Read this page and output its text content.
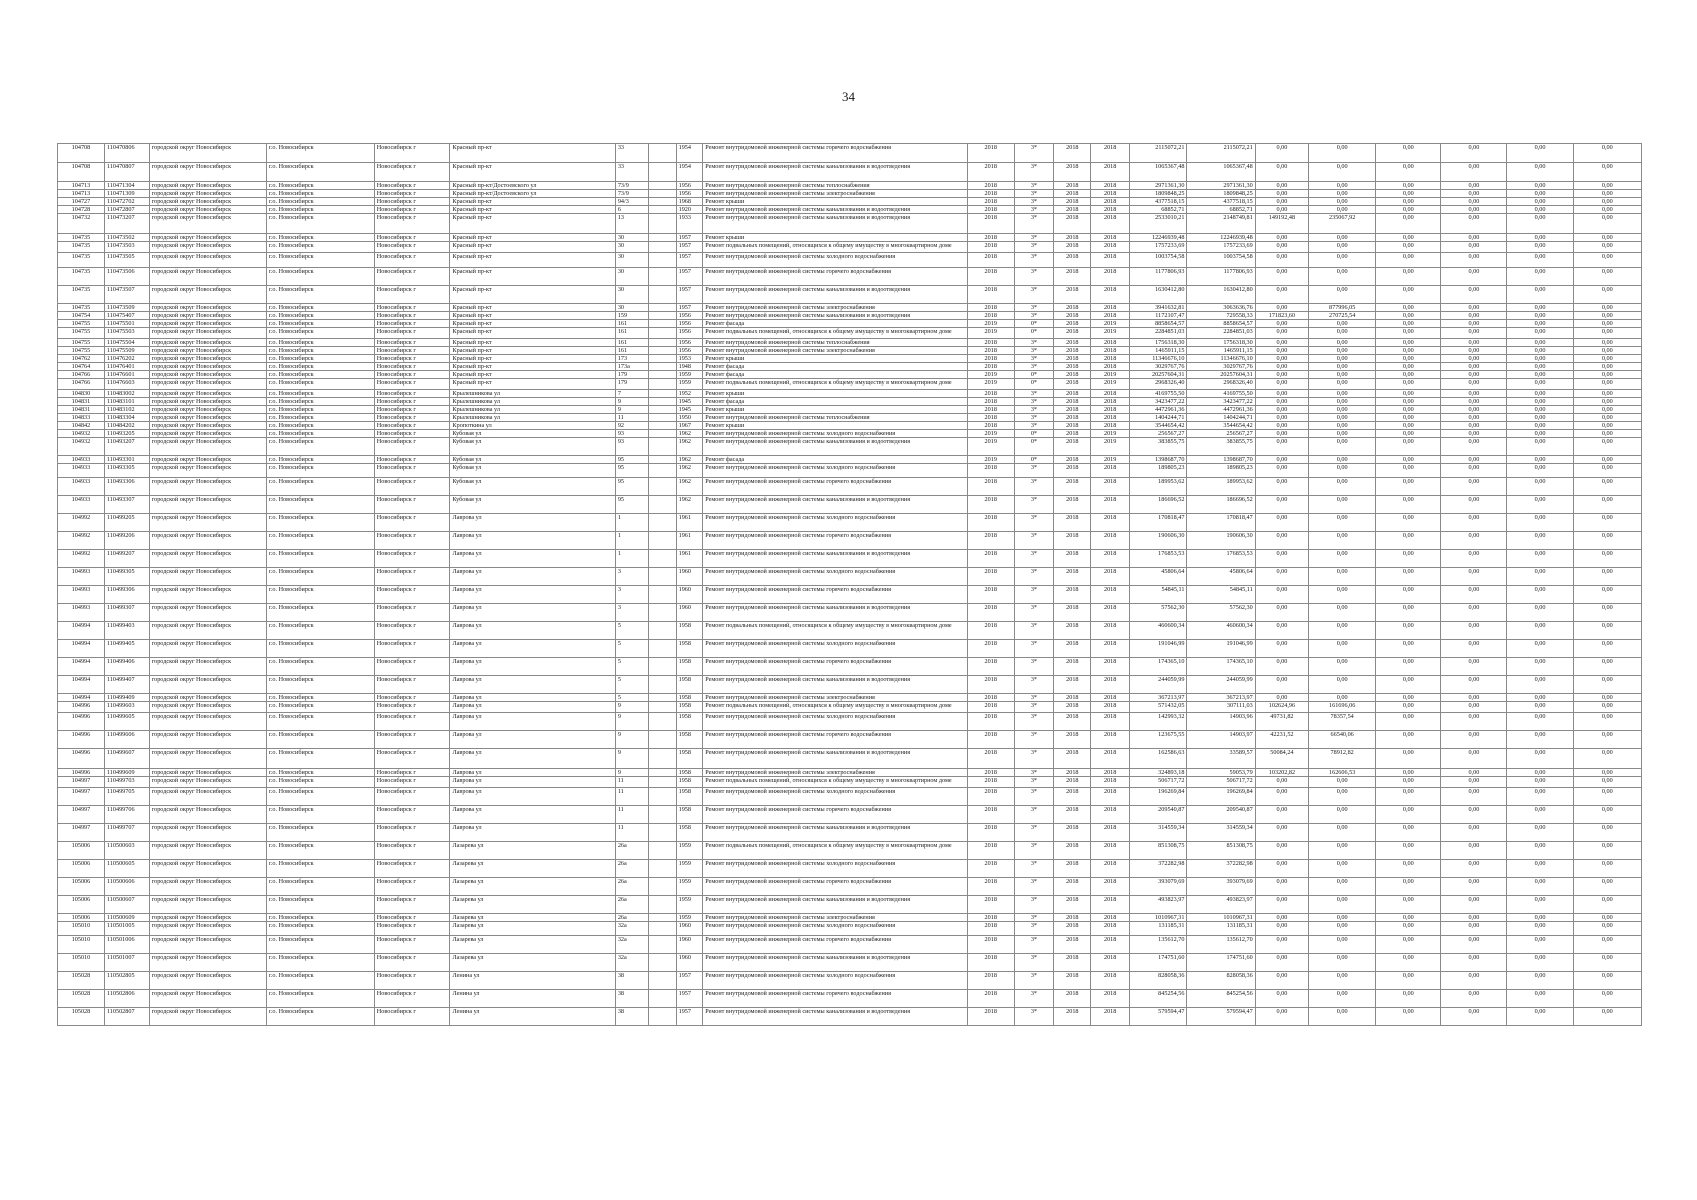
34
104708	110470806	городской округ Новосибирск	г.о. Новосибирск	Новосибирск г	Красный пр-кт	33		1954	Ремонт внутридомовой инженерной системы горячего водоснабжения	2018	3*	2018	2018	2115072,21	2115072,21	0,00	0,00	0,00	0,00	0,00	0,00
104708	110470807	городской округ Новосибирск	г.о. Новосибирск	Новосибирск г	Красный пр-кт	33		1954	Ремонт внутридомовой инженерной системы канализования и водоотведения	2018	3*	2018	2018	1065367,48	1065367,48	0,00	0,00	0,00	0,00	0,00	0,00
104713	110471304	городской округ Новосибирск	г.о. Новосибирск	Новосибирск г	Красный пр-кт/Достоевского ул	73/9		1956	Ремонт внутридомовой инженерной системы теплоснабжения	2018	3*	2018	2018	2971361,30	2971361,30	0,00	0,00	0,00	0,00	0,00	0,00
104713	110471309	городской округ Новосибирск	г.о. Новосибирск	Новосибирск г	Красный пр-кт/Достоевского ул	73/9		1956	Ремонт внутридомовой инженерной системы электроснабжения	2018	3*	2018	2018	1809848,25	1809848,25	0,00	0,00	0,00	0,00	0,00	0,00
104727	110472702	городской округ Новосибирск	г.о. Новосибирск	Новосибирск г	Красный пр-кт	94/3		1968	Ремонт крыши	2018	3*	2018	2018	4377518,15	4377518,15	0,00	0,00	0,00	0,00	0,00	0,00
104728	110472807	городской округ Новосибирск	г.о. Новосибирск	Новосибирск г	Красный пр-кт	6		1920	Ремонт внутридомовой инженерной системы канализования и водоотведения	2018	3*	2018	2018	68852,71	68852,71	0,00	0,00	0,00	0,00	0,00	0,00
104732	110473207	городской округ Новосибирск	г.о. Новосибирск	Новосибирск г	Красный пр-кт	13		1933	Ремонт внутридомовой инженерной системы канализования и водоотведения	2018	3*	2018	2018	2533010,21	2148749,81	149192,48	235067,92	0,00	0,00	0,00	0,00
104735	110473502	городской округ Новосибирск	г.о. Новосибирск	Новосибирск г	Красный пр-кт	30		1957	Ремонт крыши	2018	3*	2018	2018	12246939,48	12246939,48	0,00	0,00	0,00	0,00	0,00	0,00
104735	110473503	городской округ Новосибирск	г.о. Новосибирск	Новосибирск г	Красный пр-кт	30		1957	Ремонт подвальных помещений, относящихся к общему имуществу в многоквартирном доме	2018	3*	2018	2018	1757233,69	1757233,69	0,00	0,00	0,00	0,00	0,00	0,00
104735	110473505	городской округ Новосибирск	г.о. Новосибирск	Новосибирск г	Красный пр-кт	30		1957	Ремонт внутридомовой инженерной системы холодного водоснабжения	2018	3*	2018	2018	1003754,58	1003754,58	0,00	0,00	0,00	0,00	0,00	0,00
104735	110473506	городской округ Новосибирск	г.о. Новосибирск	Новосибирск г	Красный пр-кт	30		1957	Ремонт внутридомовой инженерной системы горячего водоснабжения	2018	3*	2018	2018	1177806,93	1177806,93	0,00	0,00	0,00	0,00	0,00	0,00
104735	110473507	городской округ Новосибирск	г.о. Новосибирск	Новосибирск г	Красный пр-кт	30		1957	Ремонт внутридомовой инженерной системы канализования и водоотведения	2018	3*	2018	2018	1630412,80	1630412,80	0,00	0,00	0,00	0,00	0,00	0,00
104735	110473509	городской округ Новосибирск	г.о. Новосибирск	Новосибирск г	Красный пр-кт	30		1957	Ремонт внутридомовой инженерной системы электроснабжения	2018	3*	2018	2018	3941632,81	3063636,76	0,00	877996,05	0,00	0,00	0,00	0,00
104754	110475407	городской округ Новосибирск	г.о. Новосибирск	Новосибирск г	Красный пр-кт	159		1956	Ремонт внутридомовой инженерной системы канализования и водоотведения	2018	3*	2018	2018	1172107,47	729558,33	171823,60	270725,54	0,00	0,00	0,00	0,00
104755	110475501	городской округ Новосибирск	г.о. Новосибирск	Новосибирск г	Красный пр-кт	161		1956	Ремонт фасада	2019	0*	2018	2019	8858654,57	8858654,57	0,00	0,00	0,00	0,00	0,00	0,00
104755	110475503	городской округ Новосибирск	г.о. Новосибирск	Новосибирск г	Красный пр-кт	161		1956	Ремонт подвальных помещений, относящихся к общему имуществу в многоквартирном доме	2019	0*	2018	2019	2284851,03	2284851,03	0,00	0,00	0,00	0,00	0,00	0,00
104755	110475504	городской округ Новосибирск	г.о. Новосибирск	Новосибирск г	Красный пр-кт	161		1956	Ремонт внутридомовой инженерной системы теплоснабжения	2018	3*	2018	2018	1756318,30	1756318,30	0,00	0,00	0,00	0,00	0,00	0,00
104755	110475509	городской округ Новосибирск	г.о. Новосибирск	Новосибирск г	Красный пр-кт	161		1956	Ремонт внутридомовой инженерной системы электроснабжения	2018	3*	2018	2018	1465911,15	1465911,15	0,00	0,00	0,00	0,00	0,00	0,00
104762	110476202	городской округ Новосибирск	г.о. Новосибирск	Новосибирск г	Красный пр-кт	173		1953	Ремонт крыши	2018	3*	2018	2018	11346676,10	11346676,10	0,00	0,00	0,00	0,00	0,00	0,00
104764	110476401	городской округ Новосибирск	г.о. Новосибирск	Новосибирск г	Красный пр-кт	173а		1948	Ремонт фасада	2018	3*	2018	2018	3029767,76	3029767,76	0,00	0,00	0,00	0,00	0,00	0,00
104766	110476601	городской округ Новосибирск	г.о. Новосибирск	Новосибирск г	Красный пр-кт	179		1959	Ремонт фасада	2019	0*	2018	2019	20257604,31	20257604,31	0,00	0,00	0,00	0,00	0,00	0,00
104766	110476603	городской округ Новосибирск	г.о. Новосибирск	Новосибирск г	Красный пр-кт	179		1959	Ремонт подвальных помещений, относящихся к общему имуществу в многоквартирном доме	2019	0*	2018	2019	2968326,40	2968326,40	0,00	0,00	0,00	0,00	0,00	0,00
104830	110483002	городской округ Новосибирск	г.о. Новосибирск	Новосибирск г	Крылешникова ул	7		1952	Ремонт крыши	2018	3*	2018	2018	4169755,50	4169755,50	0,00	0,00	0,00	0,00	0,00	0,00
104831	110483101	городской округ Новосибирск	г.о. Новосибирск	Новосибирск г	Крылешникова ул	9		1945	Ремонт фасада	2018	3*	2018	2018	3423477,22	3423477,22	0,00	0,00	0,00	0,00	0,00	0,00
104831	110483102	городской округ Новосибирск	г.о. Новосибирск	Новосибирск г	Крылешникова ул	9		1945	Ремонт крыши	2018	3*	2018	2018	4472961,36	4472961,36	0,00	0,00	0,00	0,00	0,00	0,00
104833	110483304	городской округ Новосибирск	г.о. Новосибирск	Новосибирск г	Крылешникова ул	11		1950	Ремонт внутридомовой инженерной системы теплоснабжения	2018	3*	2018	2018	1404244,71	1404244,71	0,00	0,00	0,00	0,00	0,00	0,00
104842	110484202	городской округ Новосибирск	г.о. Новосибирск	Новосибирск г	Кропоткина ул	92		1967	Ремонт крыши	2018	3*	2018	2018	3544654,42	3544654,42	0,00	0,00	0,00	0,00	0,00	0,00
104932	110493205	городской округ Новосибирск	г.о. Новосибирск	Новосибирск г	Кубовая ул	93		1962	Ремонт внутридомовой инженерной системы холодного водоснабжения	2019	0*	2018	2019	256567,27	256567,27	0,00	0,00	0,00	0,00	0,00	0,00
104932	110493207	городской округ Новосибирск	г.о. Новосибирск	Новосибирск г	Кубовая ул	93		1962	Ремонт внутридомовой инженерной системы канализования и водоотведения	2019	0*	2018	2019	383855,75	383855,75	0,00	0,00	0,00	0,00	0,00	0,00
104933	110493301	городской округ Новосибирск	г.о. Новосибирск	Новосибирск г	Кубовая ул	95		1962	Ремонт фасада	2019	0*	2018	2019	1398687,70	1398687,70	0,00	0,00	0,00	0,00	0,00	0,00
104933	110493305	городской округ Новосибирск	г.о. Новосибирск	Новосибирск г	Кубовая ул	95		1962	Ремонт внутридомовой инженерной системы холодного водоснабжения	2018	3*	2018	2018	189805,23	189805,23	0,00	0,00	0,00	0,00	0,00	0,00
104933	110493306	городской округ Новосибирск	г.о. Новосибирск	Новосибирск г	Кубовая ул	95		1962	Ремонт внутридомовой инженерной системы горячего водоснабжения	2018	3*	2018	2018	189953,62	189953,62	0,00	0,00	0,00	0,00	0,00	0,00
104933	110493307	городской округ Новосибирск	г.о. Новосибирск	Новосибирск г	Кубовая ул	95		1962	Ремонт внутридомовой инженерной системы канализования и водоотведения	2018	3*	2018	2018	186696,52	186696,52	0,00	0,00	0,00	0,00	0,00	0,00
104992	110499205	городской округ Новосибирск	г.о. Новосибирск	Новосибирск г	Лаврова ул	1		1961	Ремонт внутридомовой инженерной системы холодного водоснабжения	2018	3*	2018	2018	170818,47	170818,47	0,00	0,00	0,00	0,00	0,00	0,00
104992	110499206	городской округ Новосибирск	г.о. Новосибирск	Новосибирск г	Лаврова ул	1		1961	Ремонт внутридомовой инженерной системы горячего водоснабжения	2018	3*	2018	2018	190606,30	190606,30	0,00	0,00	0,00	0,00	0,00	0,00
104992	110499207	городской округ Новосибирск	г.о. Новосибирск	Новосибирск г	Лаврова ул	1		1961	Ремонт внутридомовой инженерной системы канализования и водоотведения	2018	3*	2018	2018	176853,53	176853,53	0,00	0,00	0,00	0,00	0,00	0,00
104993	110499305	городской округ Новосибирск	г.о. Новосибирск	Новосибирск г	Лаврова ул	3		1960	Ремонт внутридомовой инженерной системы холодного водоснабжения	2018	3*	2018	2018	45806,64	45806,64	0,00	0,00	0,00	0,00	0,00	0,00
104993	110499306	городской округ Новосибирск	г.о. Новосибирск	Новосибирск г	Лаврова ул	3		1960	Ремонт внутридомовой инженерной системы горячего водоснабжения	2018	3*	2018	2018	54845,11	54845,11	0,00	0,00	0,00	0,00	0,00	0,00
104993	110499307	городской округ Новосибирск	г.о. Новосибирск	Новосибирск г	Лаврова ул	3		1960	Ремонт внутридомовой инженерной системы канализования и водоотведения	2018	3*	2018	2018	57562,30	57562,30	0,00	0,00	0,00	0,00	0,00	0,00
104994	110499403	городской округ Новосибирск	г.о. Новосибирск	Новосибирск г	Лаврова ул	5		1958	Ремонт подвальных помещений, относящихся к общему имуществу в многоквартирном доме	2018	3*	2018	2018	460600,34	460600,34	0,00	0,00	0,00	0,00	0,00	0,00
104994	110499405	городской округ Новосибирск	г.о. Новосибирск	Новосибирск г	Лаврова ул	5		1958	Ремонт внутридомовой инженерной системы холодного водоснабжения	2018	3*	2018	2018	191046,99	191046,99	0,00	0,00	0,00	0,00	0,00	0,00
104994	110499406	городской округ Новосибирск	г.о. Новосибирск	Новосибирск г	Лаврова ул	5		1958	Ремонт внутридомовой инженерной системы горячего водоснабжения	2018	3*	2018	2018	174365,10	174365,10	0,00	0,00	0,00	0,00	0,00	0,00
104994	110499407	городской округ Новосибирск	г.о. Новосибирск	Новосибирск г	Лаврова ул	5		1958	Ремонт внутридомовой инженерной системы канализования и водоотведения	2018	3*	2018	2018	244059,99	244059,99	0,00	0,00	0,00	0,00	0,00	0,00
104994	110499409	городской округ Новосибирск	г.о. Новосибирск	Новосибирск г	Лаврова ул	5		1958	Ремонт внутридомовой инженерной системы электроснабжения	2018	3*	2018	2018	367213,97	367213,97	0,00	0,00	0,00	0,00	0,00	0,00
104996	110499603	городской округ Новосибирск	г.о. Новосибирск	Новосибирск г	Лаврова ул	9		1958	Ремонт подвальных помещений, относящихся к общему имуществу в многоквартирном доме	2018	3*	2018	2018	571432,05	307111,03	102624,96	161696,06	0,00	0,00	0,00	0,00
104996	110499605	городской округ Новосибирск	г.о. Новосибирск	Новосибирск г	Лаврова ул	9		1958	Ремонт внутридомовой инженерной системы холодного водоснабжения	2018	3*	2018	2018	142993,32	14903,96	49731,82	78357,54	0,00	0,00	0,00	0,00
104996	110499606	городской округ Новосибирск	г.о. Новосибирск	Новосибирск г	Лаврова ул	9		1958	Ремонт внутридомовой инженерной системы горячего водоснабжения	2018	3*	2018	2018	123675,55	14903,97	42231,52	66540,06	0,00	0,00	0,00	0,00
104996	110499607	городской округ Новосибирск	г.о. Новосибирск	Новосибирск г	Лаврова ул	9		1958	Ремонт внутридомовой инженерной системы канализования и водоотведения	2018	3*	2018	2018	162586,63	33589,57	50084,24	78912,82	0,00	0,00	0,00	0,00
104996	110499609	городской округ Новосибирск	г.о. Новосибирск	Новосибирск г	Лаврова ул	9		1958	Ремонт внутридомовой инженерной системы электроснабжения	2018	3*	2018	2018	324893,18	59053,79	103202,82	162606,53	0,00	0,00	0,00	0,00
104997	110499703	городской округ Новосибирск	г.о. Новосибирск	Новосибирск г	Лаврова ул	11		1958	Ремонт подвальных помещений, относящихся к общему имуществу в многоквартирном доме	2018	3*	2018	2018	506717,72	506717,72	0,00	0,00	0,00	0,00	0,00	0,00
104997	110499705	городской округ Новосибирск	г.о. Новосибирск	Новосибирск г	Лаврова ул	11		1958	Ремонт внутридомовой инженерной системы холодного водоснабжения	2018	3*	2018	2018	196269,84	196269,84	0,00	0,00	0,00	0,00	0,00	0,00
104997	110499706	городской округ Новосибирск	г.о. Новосибирск	Новосибирск г	Лаврова ул	11		1958	Ремонт внутридомовой инженерной системы горячего водоснабжения	2018	3*	2018	2018	209540,87	209540,87	0,00	0,00	0,00	0,00	0,00	0,00
104997	110499707	городской округ Новосибирск	г.о. Новосибирск	Новосибирск г	Лаврова ул	11		1958	Ремонт внутридомовой инженерной системы канализования и водоотведения	2018	3*	2018	2018	314559,34	314559,34	0,00	0,00	0,00	0,00	0,00	0,00
105006	110500603	городской округ Новосибирск	г.о. Новосибирск	Новосибирск г	Лазарева ул	26а		1959	Ремонт подвальных помещений, относящихся к общему имуществу в многоквартирном доме	2018	3*	2018	2018	851308,75	851308,75	0,00	0,00	0,00	0,00	0,00	0,00
105006	110500605	городской округ Новосибирск	г.о. Новосибирск	Новосибирск г	Лазарева ул	26а		1959	Ремонт внутридомовой инженерной системы холодного водоснабжения	2018	3*	2018	2018	372282,98	372282,98	0,00	0,00	0,00	0,00	0,00	0,00
105006	110500606	городской округ Новосибирск	г.о. Новосибирск	Новосибирск г	Лазарева ул	26а		1959	Ремонт внутридомовой инженерной системы горячего водоснабжения	2018	3*	2018	2018	393079,69	393079,69	0,00	0,00	0,00	0,00	0,00	0,00
105006	110500607	городской округ Новосибирск	г.о. Новосибирск	Новосибирск г	Лазарева ул	26а		1959	Ремонт внутридомовой инженерной системы канализования и водоотведения	2018	3*	2018	2018	493823,97	493823,97	0,00	0,00	0,00	0,00	0,00	0,00
105006	110500609	городской округ Новосибирск	г.о. Новосибирск	Новосибирск г	Лазарева ул	26а		1959	Ремонт внутридомовой инженерной системы электроснабжения	2018	3*	2018	2018	1010967,31	1010967,31	0,00	0,00	0,00	0,00	0,00	0,00
105010	110501005	городской округ Новосибирск	г.о. Новосибирск	Новосибирск г	Лазарева ул	32а		1960	Ремонт внутридомовой инженерной системы холодного водоснабжения	2018	3*	2018	2018	131185,31	131185,31	0,00	0,00	0,00	0,00	0,00	0,00
105010	110501006	городской округ Новосибирск	г.о. Новосибирск	Новосибирск г	Лазарева ул	32а		1960	Ремонт внутридомовой инженерной системы горячего водоснабжения	2018	3*	2018	2018	135612,70	135612,70	0,00	0,00	0,00	0,00	0,00	0,00
105010	110501007	городской округ Новосибирск	г.о. Новосибирск	Новосибирск г	Лазарева ул	32а		1960	Ремонт внутридомовой инженерной системы канализования и водоотведения	2018	3*	2018	2018	174751,60	174751,60	0,00	0,00	0,00	0,00	0,00	0,00
105028	110502805	городской округ Новосибирск	г.о. Новосибирск	Новосибирск г	Ленина ул	38		1957	Ремонт внутридомовой инженерной системы холодного водоснабжения	2018	3*	2018	2018	828058,36	828058,36	0,00	0,00	0,00	0,00	0,00	0,00
105028	110502806	городской округ Новосибирск	г.о. Новосибирск	Новосибирск г	Ленина ул	38		1957	Ремонт внутридомовой инженерной системы горячего водоснабжения	2018	3*	2018	2018	845254,56	845254,56	0,00	0,00	0,00	0,00	0,00	0,00
105028	110502807	городской округ Новосибирск	г.о. Новосибирск	Новосибирск г	Ленина ул	38		1957	Ремонт внутридомовой инженерной системы канализования и водоотведения	2018	3*	2018	2018	579594,47	579594,47	0,00	0,00	0,00	0,00	0,00	0,00
